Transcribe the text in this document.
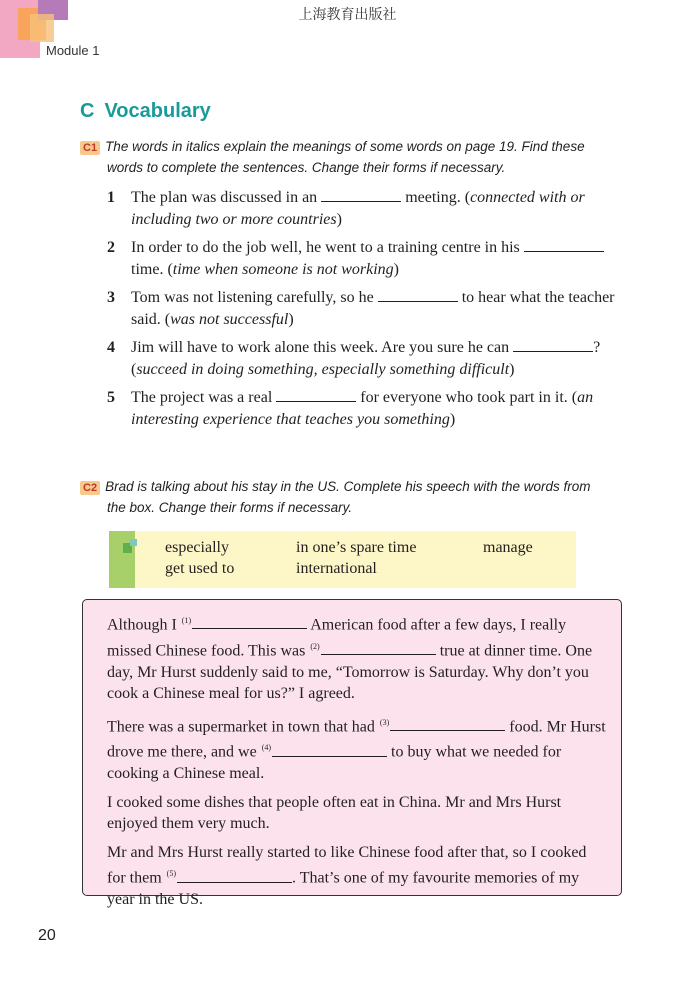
上海教育出版社
Module 1
C Vocabulary
C1 The words in italics explain the meanings of some words on page 19. Find these
words to complete the sentences. Change their forms if necessary.
1 The plan was discussed in an	meeting. (connected with or including two or more countries)
2 In order to do the job well, he went to a training centre in his  time. (time when someone is not working)
3 Tom was not listening carefully, so he	to hear what the teacher said. (was not successful)
4 Jim will have to work alone this week. Are you sure he can	? (succeed in doing something, especially something difficult)
5 The project was a real	for everyone who took part in it. (an interesting experience that teaches you something)
C2 Brad is talking about his stay in the US. Complete his speech with the words from
the box. Change their forms if necessary.
especially	in one’s spare time	manage
get used to	international

Although I $^{(1)}$	American food after a few days, I really missed Chinese food. This was $^{(2)}$	true at dinner time. One day, Mr Hurst suddenly said to me, “Tomorrow is Saturday. Why don’t you cook a Chinese meal for us?” I agreed.

There was a supermarket in town that had $^{(3)}$	food. Mr Hurst drove me there, and we $^{(4)}$	to buy what we needed for cooking a Chinese meal.

I cooked some dishes that people often eat in China. Mr and Mrs Hurst enjoyed them very much.

Mr and Mrs Hurst really started to like Chinese food after that, so I cooked for them $^{(5)}$	. That’s one of my favourite memories of my year in the US.

20
